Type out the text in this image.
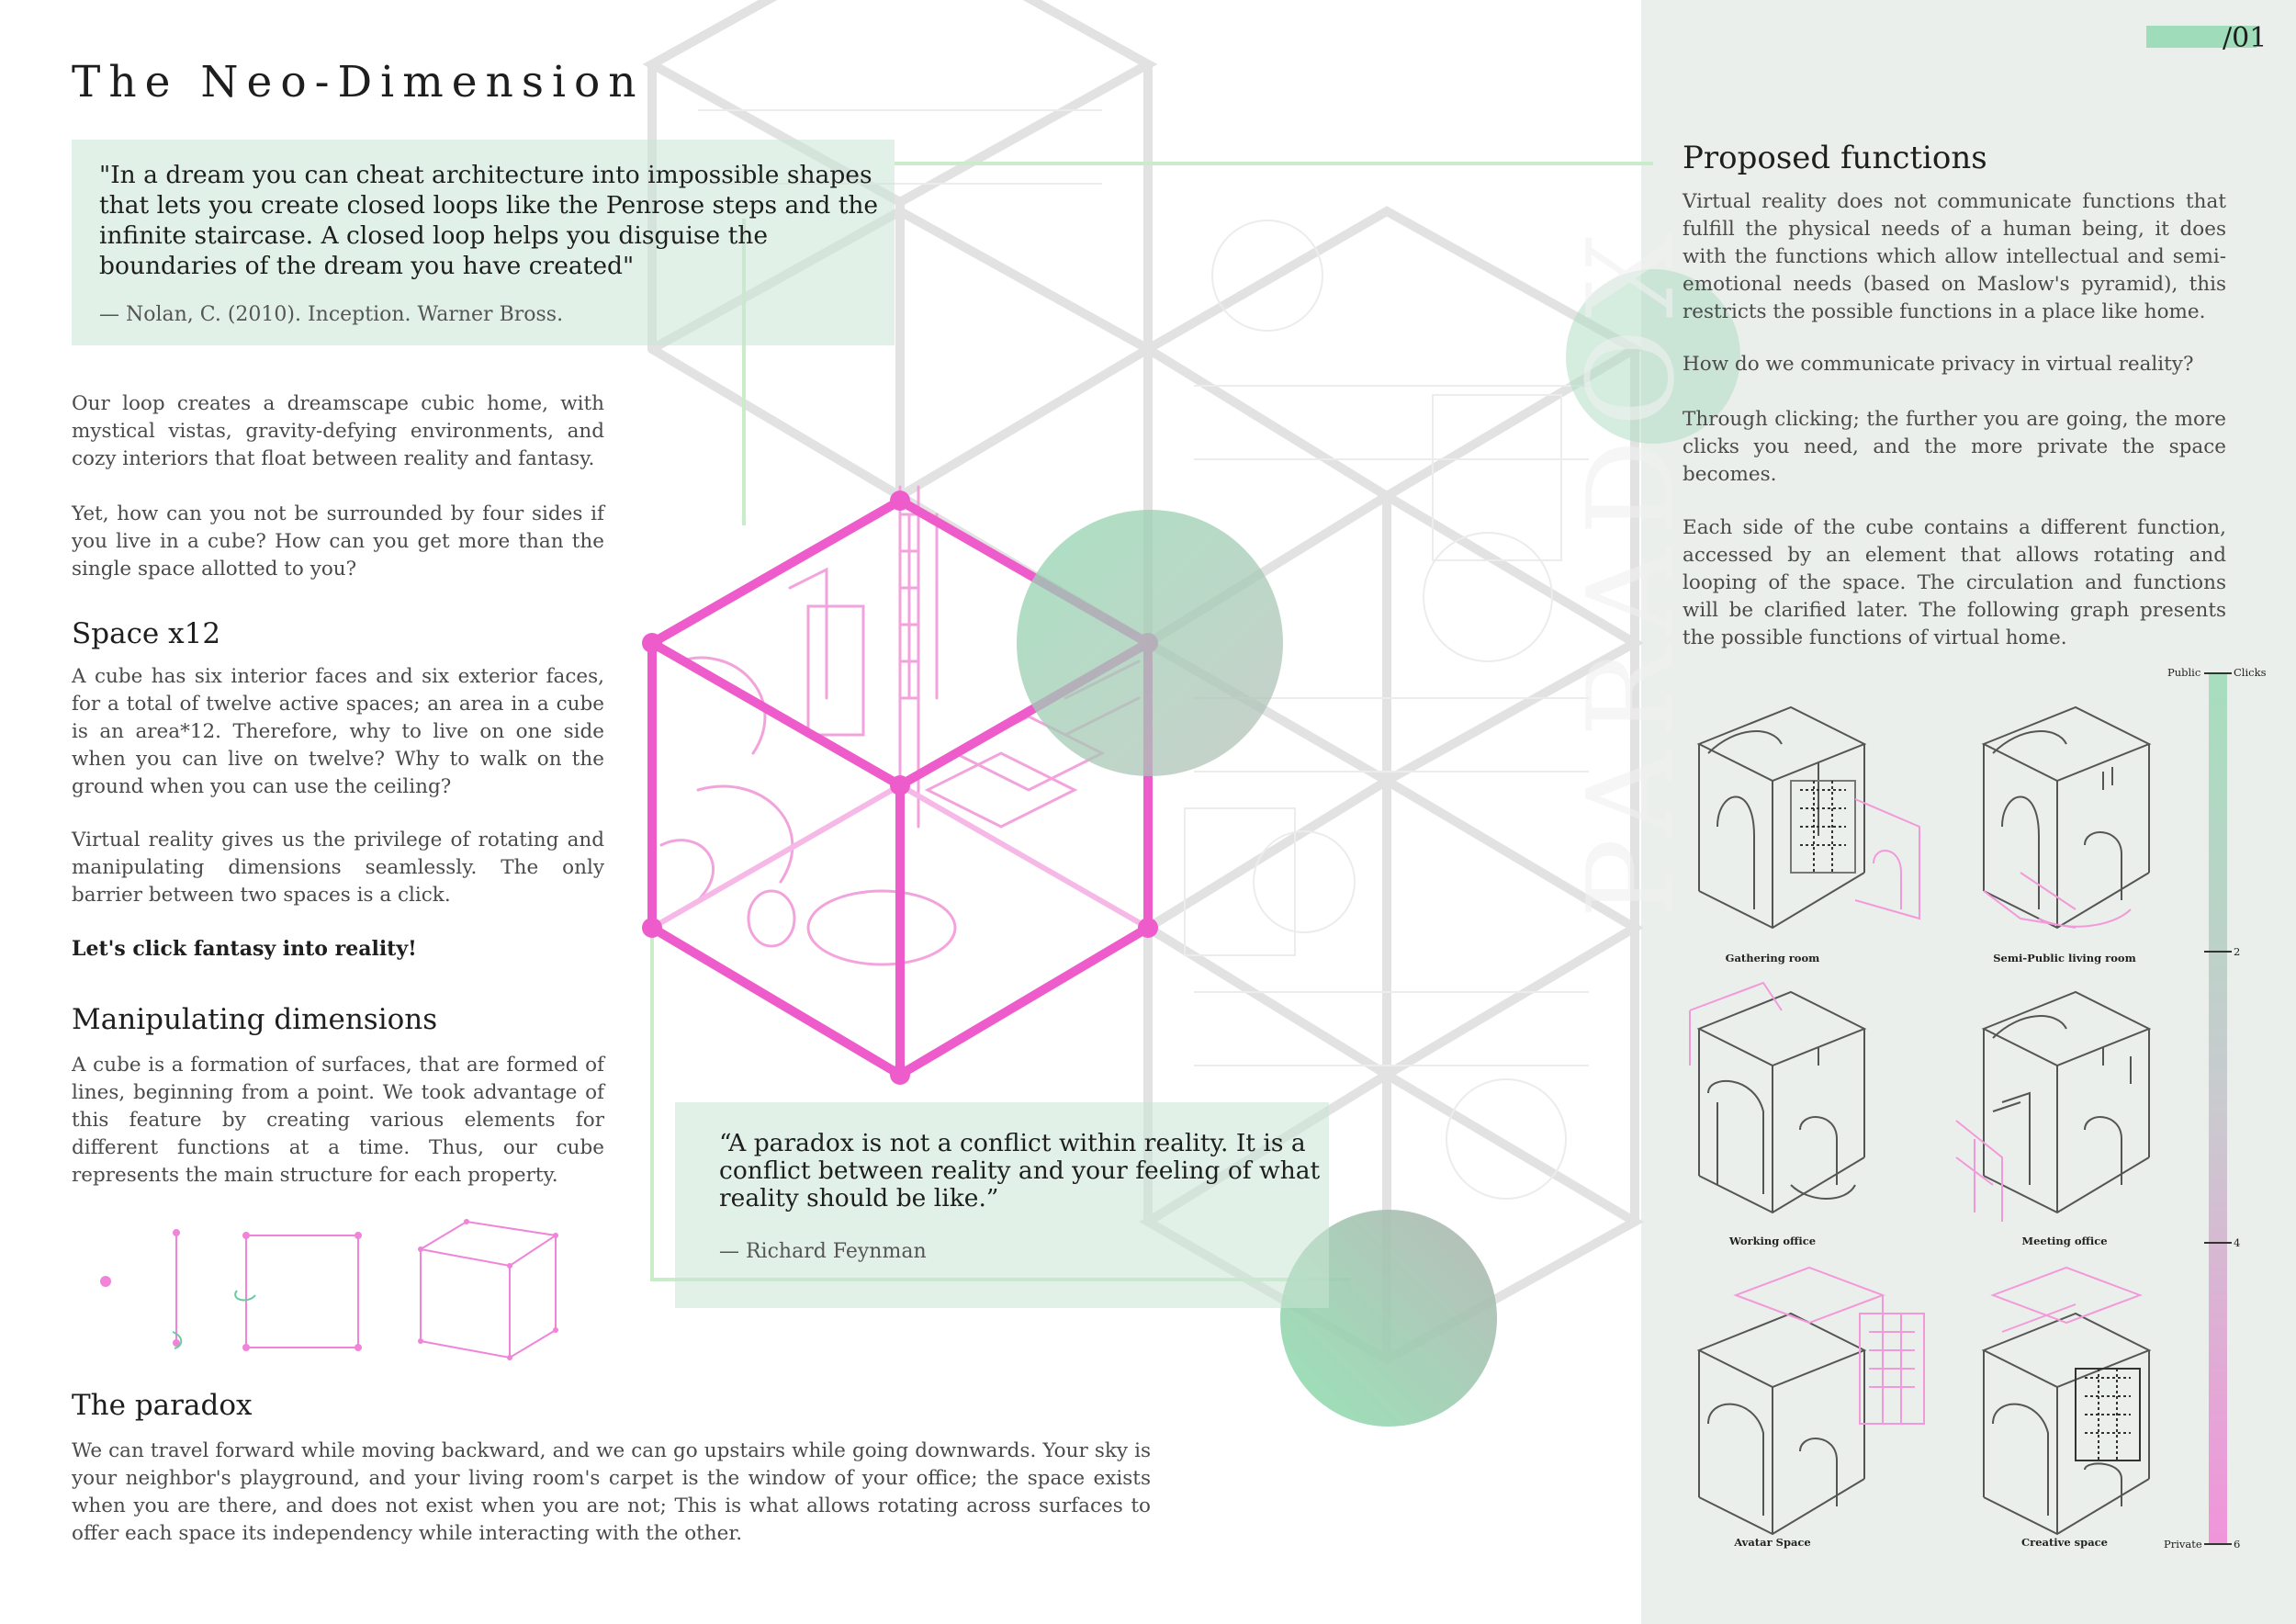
PARADOX
/01
The Neo-Dimension
"In a dream you can cheat architecture into impossible shapes that lets you create closed loops like the Penrose steps and the infinite staircase. A closed loop helps you disguise the boundaries of the dream you have created"
— Nolan, C. (2010). Inception. Warner Bross.
Our loop creates a dreamscape cubic home, with mystical vistas, gravity-defying environments, and cozy interiors that float between reality and fantasy.
Yet, how can you not be surrounded by four sides if you live in a cube? How can you get more than the single space allotted to you?
Space x12
A cube has six interior faces and six exterior faces, for a total of twelve active spaces; an area in a cube is an area*12. Therefore, why to live on one side when you can live on twelve? Why to walk on the ground when you can use the ceiling?
Virtual reality gives us the privilege of rotating and manipulating dimensions seamlessly. The only barrier between two spaces is a click.
Let's click fantasy into reality!
Manipulating dimensions
A cube is a formation of surfaces, that are formed of lines, beginning from a point. We took advantage of this feature by creating various elements for different functions at a time. Thus, our cube represents the main structure for each property.
The paradox
We can travel forward while moving backward, and we can go upstairs while going downwards. Your sky is your neighbor's playground, and your living room's carpet is the window of your office; the space exists when you are there, and does not exist when you are not; This is what allows rotating across surfaces to offer each space its independency while interacting with the other.
“A paradox is not a conflict within reality. It is a conflict between reality and your feeling of what reality should be like.”
— Richard Feynman
Proposed functions
Virtual reality does not communicate functions that fulfill the physical needs of a human being, it does with the functions which allow intellectual and semi-emotional needs (based on Maslow's pyramid), this restricts the possible functions in a place like home.
How do we communicate privacy in virtual reality?
Through clicking; the further you are going, the more clicks you need, and the more private the space becomes.
Each side of the cube contains a different function, accessed by an element that allows rotating and looping of the space. The circulation and functions will be clarified later. The following graph presents the possible functions of virtual home.
Gathering room	Semi-Public living room
Working office	Meeting office
Avatar Space	Creative space
Public	Clicks
Private
2
4
6
